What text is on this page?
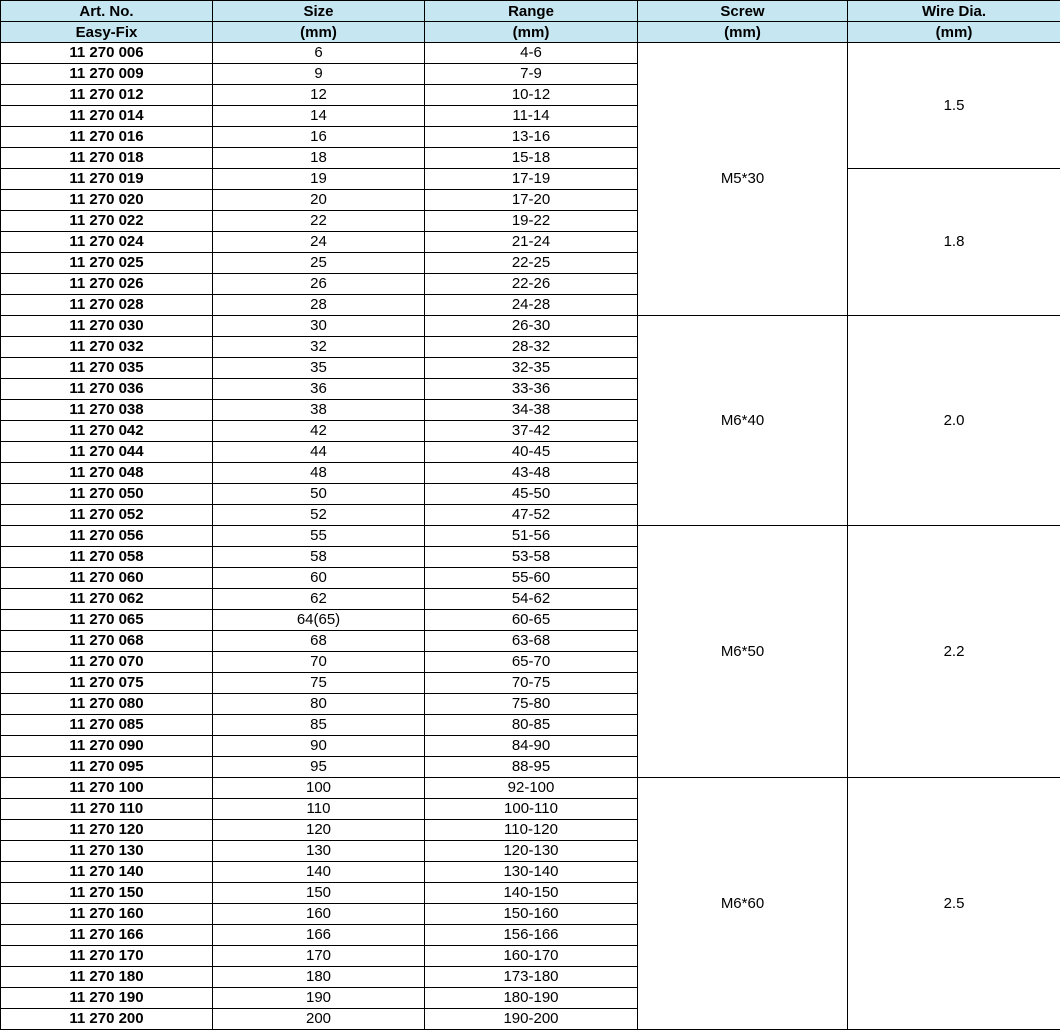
Art. No.	Size	Range	Screw	Wire Dia.
Easy-Fix	(mm)	(mm)	(mm)	(mm)
11 270 006	6	4-6	M5*30	1.5
11 270 009	9	7-9		
11 270 012	12	10-12		
11 270 014	14	11-14		
11 270 016	16	13-16		
11 270 018	18	15-18		
11 270 019	19	17-19		1.8
11 270 020	20	17-20		
11 270 022	22	19-22		
11 270 024	24	21-24		
11 270 025	25	22-25		
11 270 026	26	22-26		
11 270 028	28	24-28		
11 270 030	30	26-30	M6*40	2.0
11 270 032	32	28-32		
11 270 035	35	32-35		
11 270 036	36	33-36		
11 270 038	38	34-38		
11 270 042	42	37-42		
11 270 044	44	40-45		
11 270 048	48	43-48		
11 270 050	50	45-50		
11 270 052	52	47-52		
11 270 056	55	51-56	M6*50	2.2
11 270 058	58	53-58		
11 270 060	60	55-60		
11 270 062	62	54-62		
11 270 065	64(65)	60-65		
11 270 068	68	63-68		
11 270 070	70	65-70		
11 270 075	75	70-75		
11 270 080	80	75-80		
11 270 085	85	80-85		
11 270 090	90	84-90		
11 270 095	95	88-95		
11 270 100	100	92-100	M6*60	2.5
11 270 110	110	100-110		
11 270 120	120	110-120		
11 270 130	130	120-130		
11 270 140	140	130-140		
11 270 150	150	140-150		
11 270 160	160	150-160		
11 270 166	166	156-166		
11 270 170	170	160-170		
11 270 180	180	173-180		
11 270 190	190	180-190		
11 270 200	200	190-200		
